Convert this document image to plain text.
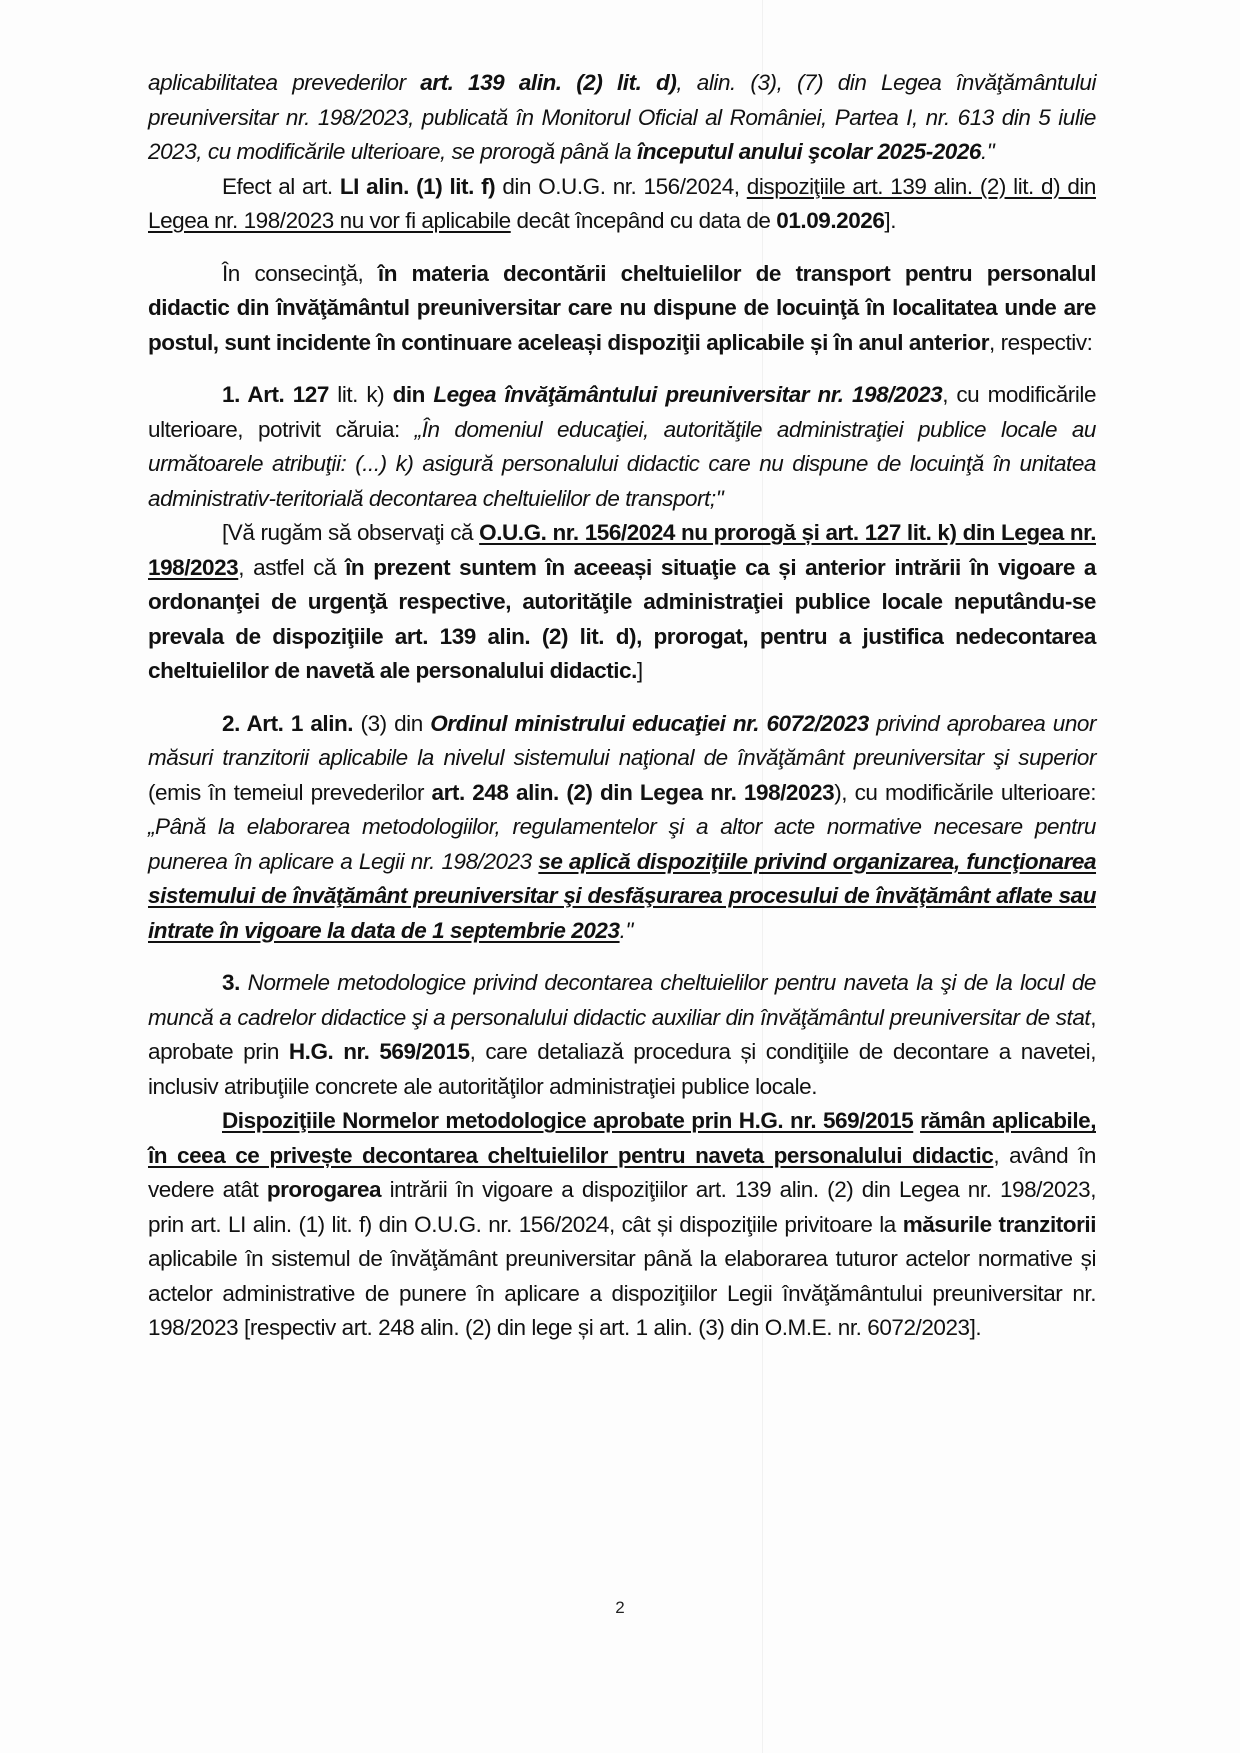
aplicabilitatea prevederilor art. 139 alin. (2) lit. d), alin. (3), (7) din Legea învăţământului preuniversitar nr. 198/2023, publicată în Monitorul Oficial al României, Partea I, nr. 613 din 5 iulie 2023, cu modificările ulterioare, se prorogă până la începutul anului şcolar 2025-2026."

Efect al art. LI alin. (1) lit. f) din O.U.G. nr. 156/2024, dispoziţiile art. 139 alin. (2) lit. d) din Legea nr. 198/2023 nu vor fi aplicabile decât începând cu data de 01.09.2026].

În consecinţă, în materia decontării cheltuielilor de transport pentru personalul didactic din învăţământul preuniversitar care nu dispune de locuinţă în localitatea unde are postul, sunt incidente în continuare aceleași dispoziţii aplicabile și în anul anterior, respectiv:

1. Art. 127 lit. k) din Legea învăţământului preuniversitar nr. 198/2023, cu modificările ulterioare, potrivit căruia: „În domeniul educaţiei, autorităţile administraţiei publice locale au următoarele atribuţii: (...) k) asigură personalului didactic care nu dispune de locuinţă în unitatea administrativ-teritorială decontarea cheltuielilor de transport;"

[Vă rugăm să observaţi că O.U.G. nr. 156/2024 nu prorogă și art. 127 lit. k) din Legea nr. 198/2023, astfel că în prezent suntem în aceeași situaţie ca și anterior intrării în vigoare a ordonanţei de urgenţă respective, autorităţile administraţiei publice locale neputându-se prevala de dispoziţiile art. 139 alin. (2) lit. d), prorogat, pentru a justifica nedecontarea cheltuielilor de navetă ale personalului didactic.]

2. Art. 1 alin. (3) din Ordinul ministrului educaţiei nr. 6072/2023 privind aprobarea unor măsuri tranzitorii aplicabile la nivelul sistemului naţional de învăţământ preuniversitar şi superior (emis în temeiul prevederilor art. 248 alin. (2) din Legea nr. 198/2023), cu modificările ulterioare: „Până la elaborarea metodologiilor, regulamentelor şi a altor acte normative necesare pentru punerea în aplicare a Legii nr. 198/2023 se aplică dispoziţiile privind organizarea, funcţionarea sistemului de învăţământ preuniversitar şi desfăşurarea procesului de învăţământ aflate sau intrate în vigoare la data de 1 septembrie 2023."

3. Normele metodologice privind decontarea cheltuielilor pentru naveta la şi de la locul de muncă a cadrelor didactice şi a personalului didactic auxiliar din învăţământul preuniversitar de stat, aprobate prin H.G. nr. 569/2015, care detaliază procedura și condiţiile de decontare a navetei, inclusiv atribuţiile concrete ale autorităţilor administraţiei publice locale.

Dispoziţiile Normelor metodologice aprobate prin H.G. nr. 569/2015 rămân aplicabile, în ceea ce privește decontarea cheltuielilor pentru naveta personalului didactic, având în vedere atât prorogarea intrării în vigoare a dispoziţiilor art. 139 alin. (2) din Legea nr. 198/2023, prin art. LI alin. (1) lit. f) din O.U.G. nr. 156/2024, cât și dispoziţiile privitoare la măsurile tranzitorii aplicabile în sistemul de învăţământ preuniversitar până la elaborarea tuturor actelor normative și actelor administrative de punere în aplicare a dispoziţiilor Legii învăţământului preuniversitar nr. 198/2023 [respectiv art. 248 alin. (2) din lege și art. 1 alin. (3) din O.M.E. nr. 6072/2023].

2
